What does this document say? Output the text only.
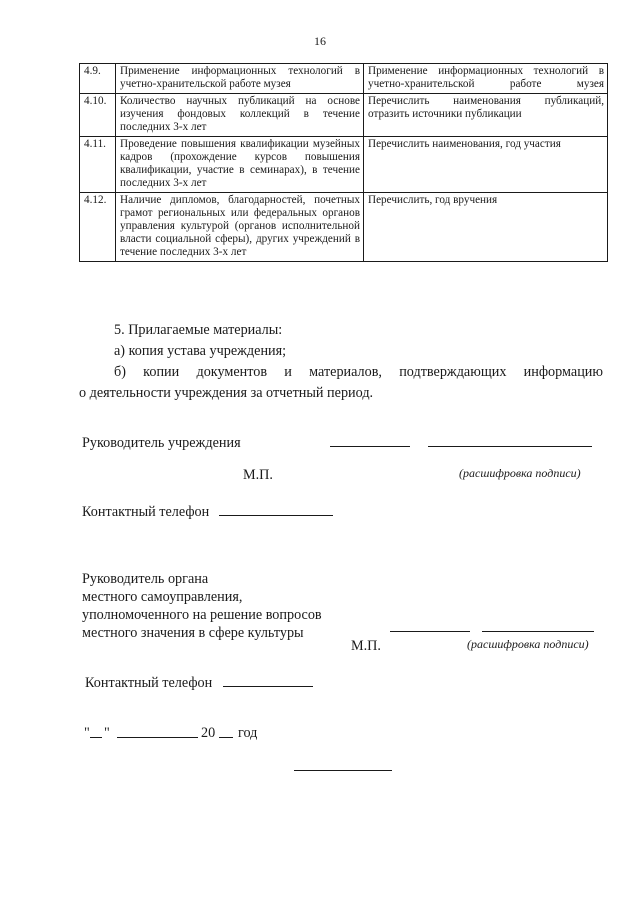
16
4.9.	Применение информационных технологий в учетно-хранительской работе музея	Применение информационных технологий в учетно-хранительской работе музея
4.10.	Количество научных публикаций на основе изучения фондовых коллекций в течение последних 3-х лет	Перечислить наименования публикаций, отразить источники публикации
4.11.	Проведение повышения квалификации музейных кадров (прохождение курсов повышения квалификации, участие в семинарах), в течение последних 3-х лет	Перечислить наименования, год участия
4.12.	Наличие дипломов, благодарностей, почетных грамот региональных или федеральных органов управления культурой (органов исполнительной власти социальной сферы), других учреждений в течение последних 3-х лет	Перечислить, год вручения
5. Прилагаемые материалы:
а) копия устава учреждения;
б) копии документов и материалов, подтверждающих информацию
о деятельности учреждения за отчетный период.
Руководитель учреждения
М.П.	(расшифровка подписи)
Контактный телефон
Руководитель органа
местного самоуправления,
уполномоченного на решение вопросов
местного значения в сфере культуры
М.П.	(расшифровка подписи)
Контактный телефон
" "	20 год
